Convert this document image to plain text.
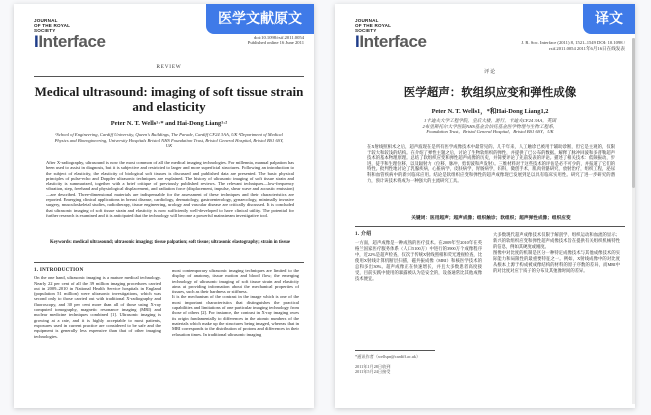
JOURNAL
OF THE ROYAL
SOCIETY
IInterface	
doi:10.1098/rsif.2011.0054
Published online 16 June 2011
REVIEW
Medical ultrasound: imaging of soft tissue strain and elasticity
Peter N. T. Wells¹·* and Hai-Dong Liang¹·²
¹School of Engineering, Cardiff University, Queen's Buildings, The Parade, Cardiff CF24 3AA, UK ²Department of Medical Physics and Bioengineering, University Hospitals Bristol NHS Foundation Trust, Bristol General Hospital, Bristol BS1 6SY, UK
After X-radiography, ultrasound is now the most common of all the medical imaging technologies. For millennia, manual palpation has been used to assist in diagnosis, but it is subjective and restricted to larger and more superficial structures. Following an introduction to the subject of elasticity, the elasticity of biological soft tissues is discussed and published data are presented. The basic physical principles of pulse-echo and Doppler ultrasonic techniques are explained. The history of ultrasonic imaging of soft tissue strain and elasticity is summarized, together with a brief critique of previously published reviews. The relevant techniques—low-frequency vibration, step, freehand and physiological displacement, and radiation force (displacement, impulse, shear wave and acoustic emission)—are described. Three-dimensional materials are indispensable for the assessment of these techniques and their characteristics are reported. Emerging clinical applications in breast disease, cardiology, dermatology, gastroenterology, gynaecology, minimally invasive surgery, musculoskeletal studies, radiotherapy, tissue engineering, urology and vascular disease are critically discussed. It is concluded that ultrasonic imaging of soft tissue strain and elasticity is now sufficiently well-developed to have clinical utility. The potential for further research is examined and it is anticipated that the technology will become a powerful mainstream investigative tool.
Keywords: medical ultrasound; ultrasonic imaging; tissue palpation; soft tissue; ultrasonic elastography; strain in tissue
1. INTRODUCTION
On the one hand, ultrasonic imaging is a mature medical technology. Nearly 22 per cent of all the 39 million imaging procedures carried out in 2009–2010 in National Health Service hospitals in England (population 51 million) were ultrasonic investigations, which was second only to those carried out with traditional X-radiography and fluoroscopy, and 30 per cent more than all of those using X-ray computed tomography, magnetic resonance imaging (MRI) and nuclear medicine techniques combined [1]. Ultrasonic imaging is growing at a rate, and it is highly acceptable to most patients, exposures used in current practice are considered to be safe and the equipment is generally less expensive than that of other imaging technologies.
most contemporary ultrasonic imaging techniques are limited to the display of anatomy, tissue motion and blood flow; the emerging technology of ultrasonic imaging of soft tissue strain and elasticity aims at providing information about the mechanical properties of tissues, such as their hardness or stiffness.
It is the mechanism of the contrast in the image which is one of the most important characteristics that distinguishes the practical capabilities and limitations of one particular imaging technology from those of others [2]. For instance, the contrast in X-ray imaging owes its origin fundamentally to differences in the atomic numbers of the materials which make up the structures being imaged, whereas that in MRI corresponds to the distribution of protons and differences in their relaxation times. In traditional ultrasonic imaging
医学文献原文	JOURNAL
OF THE ROYAL
SOCIETY
IInterface	J. R. Soc. Interface (2011) 8, 1521–1549 DOI: 10.1098 / rsif.2011.0054 2011年6月16日在线发表
评论
医学超声：软组织应变和弹性成像
Peter N. T. Wells1，*和Hai-Dong Liang1,2
1卡迪夫大学工程学院，皇后大楼，游行，卡迪夫CF24 3AA，英国
2布里斯托尔大学医院NHS基金会信托基金医学物理与生物工程系，
Foundation Trust，Bristol General Hospital，Bristol BS1 6SY，UK
在X射线照相术之后，超声波现在是所有医学成像技术中最常见的。几千年来，人工触诊已被用于辅助诊断，但它是主观的，仅限于较大和较浅的结构。在介绍了弹性主题之后，讨论了生物软组织的弹性，并提供了已公布的数据。解释了脉冲回波和多普勒超声技术的基本物理原理。总结了软组织应变和弹性超声成像的历史，并简要评论了先前发表的评论。描述了相关技术：低频振动，步进，徒手和生理位移，以及辐射力（位移，脉冲，剪切波和声发射）。三维材料对于这些技术的评估是必不可少的，并报道了它们的特性。批判性地讨论了乳腺疾病，心脏病学，皮肤病学，胃肠病学，妇科，微创手术，肌肉骨骼研究，放射治疗，组织工程，泌尿科和血管疾病中的新兴临床应用。结论是软组织应变和弹性的超声成像现已发展到足以具有临床实用性。研究了进一步研究的潜力，预计该技术将成为一种强大的主流研究工具。
关键词：医用超声；超声成像；组织触诊；软组织；超声弹性成像；组织应变
1. 介绍
一方面，超声成像是一种成熟的医疗技术。在2009年至2010年在英格兰国家医疗服务体系（人口5100万）中进行的3900万个成像程序中，近22%是超声检查，仅次于传统X射线照相和荧光透视检查，比使用X射线计算机断层扫描，磁共振成像（MRI）和核医学技术的总和多出30%。超声成像正在快速增长，并且大多数患者高度接受，目前实践中使用的暴露被认为是安全的，设备通常比其他成像技术便宜。
大多数现代超声成像技术仅限于解剖学、组织运动和血流的显示；新兴的软组织应变和弹性超声成像技术旨在提供有关组织机械特性的信息，例如其硬度或刚度。
图像中对比度的机制是区分一种特定成像技术与其他成像技术的实际能力和局限性的最重要特征之一。例如，X射线成像中的对比度从根本上源于构成被成像结构的材料的原子序数的差异，而MRI中的对比度对应于质子的分布及其弛豫时间的差异。
*通讯作者（wellspn@cardiff.ac.uk）

2011年1月28日收到
2011年5月24日接受
译文
